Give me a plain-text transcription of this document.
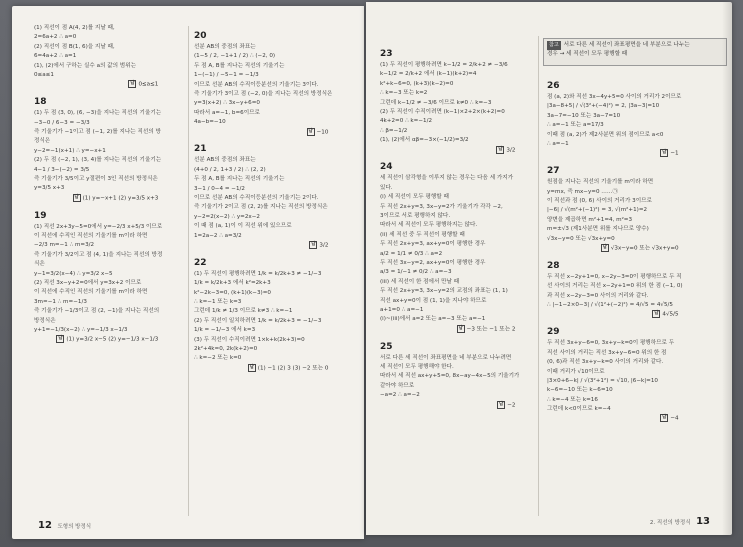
(1) 직선이 점 A(4, 2)를 지날 때,
2=6a+2 ∴ a=0
(2) 직선이 점 B(1, 6)을 지날 때,
6=4a+2 ∴ a=1
(1), (2)에서 구하는 실수 a의 값의 범위는
0≤a≤1
답 0≤a≤1
18
(1) 두 점 (3, 0), (6, −3)을 지나는 직선의 기울기는
−3−0 / 6−3 = −3/3
즉 기울기가 −1이고 점 (−1, 2)를 지나는 직선의 방
정식은
y−2=−1(x+1) ∴ y=−x+1
(2) 두 점 (−2, 1), (3, 4)를 지나는 직선의 기울기는
4−1 / 3−(−2) = 3/5
즉 기울기가 3/5이고 y절편이 3인 직선의 방정식은
y=3/5 x+3
답 (1) y=−x+1 (2) y=3/5 x+3
19
(1) 직선 2x+3y−5=0에서 y=−2/3 x+5/3 이므로
이 직선에 수직인 직선의 기울기를 m이라 하면
−2/3 m=−1 ∴ m=3/2
즉 기울기가 3/2이고 점 (4, 1)을 지나는 직선의 방정
식은
y−1=3/2(x−4) ∴ y=3/2 x−5
(2) 직선 3x−y+2=0에서 y=3x+2 이므로
이 직선에 수직인 직선의 기울기를 m이라 하면
3m=−1 ∴ m=−1/3
즉 기울기가 −1/3이고 점 (2, −1)을 지나는 직선의
방정식은
y+1=−1/3(x−2) ∴ y=−1/3 x−1/3
답 (1) y=3/2 x−5 (2) y=−1/3 x−1/3
20
선분 AB의 중점의 좌표는
(1−5 / 2, −1+1 / 2) ∴ (−2, 0)
두 점 A, B를 지나는 직선의 기울기는
1−(−1) / −5−1 = −1/3
이므로 선분 AB의 수직이등분선의 기울기는 3이다.
즉 기울기가 3이고 점 (−2, 0)을 지나는 직선의 방정식은
y=3(x+2) ∴ 3x−y+6=0
따라서 a=−1, b=6이므로
4a−b=−10
답 −10
21
선분 AB의 중점의 좌표는
(4+0 / 2, 1+3 / 2) ∴ (2, 2)
두 점 A, B를 지나는 직선의 기울기는
3−1 / 0−4 = −1/2
이므로 선분 AB의 수직이등분선의 기울기는 2이다.
즉 기울기가 2이고 점 (2, 2)를 지나는 직선의 방정식은
y−2=2(x−2) ∴ y=2x−2
이 때 점 (a, 1)이 이 직선 위에 있으므로
1=2a−2 ∴ a=3/2
답 3/2
22
(1) 두 직선이 평행하려면 1/k = k/2k+3 ≠ −1/−3
1/k = k/2k+3 에서 k²=2k+3
k²−2k−3=0, (k+1)(k−3)=0
∴ k=−1 또는 k=3
그런데 1/k ≠ 1/3 이므로 k≠3 ∴ k=−1
(2) 두 직선이 일치하려면 1/k = k/2k+3 = −1/−3
1/k = −1/−3 에서 k=3
(3) 두 직선이 수직이려면 1×k+k(2k+3)=0
2k²+4k=0, 2k(k+2)=0
∴ k=−2 또는 k=0
답 (1) −1 (2) 3 (3) −2 또는 0
12 도형의 방정식
23
(1) 두 직선이 평행하려면 k−1/2 = 2/k+2 ≠ −3/6
k−1/2 = 2/k+2 에서 (k−1)(k+2)=4
k²+k−6=0, (k+3)(k−2)=0
∴ k=−3 또는 k=2
그런데 k−1/2 ≠ −3/6 이므로 k≠0 ∴ k=−3
(2) 두 직선이 수직이려면 (k−1)×2+2×(k+2)=0
4k+2=0 ∴ k=−1/2
∴ β=−1/2
(1), (2)에서 αβ=−3×(−1/2)=3/2
답 3/2
24
세 직선이 삼각형을 이루지 않는 경우는 다음 세 가지가
있다.
(i) 세 직선이 모두 평행할 때
두 직선 2x+y=3, 3x−y=2가 기울기가 각각 −2,
3이므로 서로 평행하지 않다.
따라서 세 직선이 모두 평행하지는 않다.
(ii) 세 직선 중 두 직선이 평행할 때
두 직선 2x+y=3, ax+y=0이 평행한 경우
a/2 = 1/1 ≠ 0/3 ∴ a=2
두 직선 3x−y=2, ax+y=0이 평행한 경우
a/3 = 1/−1 ≠ 0/2 ∴ a=−3
(iii) 세 직선이 한 점에서 만날 때
두 직선 2x+y=3, 3x−y=2의 교점의 좌표는 (1, 1)
직선 ax+y=0이 점 (1, 1)을 지나야 하므로
a+1=0 ∴ a=−1
(i)~(iii)에서 a=2 또는 a=−3 또는 a=−1
답 −3 또는 −1 또는 2
25
서로 다른 세 직선이 좌표평면을 네 부분으로 나누려면
세 직선이 모두 평행해야 한다.
따라서 세 직선 ax+y+5=0, 8x−ay−4x−5의 기울기가
같아야 하므로
−a=2 ∴ a=−2
답 −2
참고 서로 다른 세 직선이 좌표평면을 네 부분으로 나누는
경우 → 세 직선이 모두 평행할 때
26
점 (a, 2)와 직선 3x−4y+5=0 사이의 거리가 2이므로
|3a−8+5| / √(3²+(−4)²) = 2, |3a−3|=10
3a−7=−10 또는 3a−7=10
∴ a=−1 또는 a=17/3
이때 점 (a, 2)가 제2사분면 위의 점이므로 a<0
∴ a=−1
답 −1
27
원점을 지나는 직선의 기울기를 m이라 하면
y=mx, 즉 mx−y=0 ……㉠
이 직선과 점 (0, 6) 사이의 거리가 3이므로
|−6| / √(m²+(−1)²) = 3, √(m²+1)=2
양변을 제곱하면 m²+1=4, m²=3
m=±√3 (제1사분면 위를 지나므로 양수)
√3x−y=0 또는 √3x+y=0
답 √3x−y=0 또는 √3x+y=0
28
두 직선 x−2y+1=0, x−2y−3=0이 평행하므로 두 직
선 사이의 거리는 직선 x−2y+1=0 위의 한 점 (−1, 0)
과 직선 x−2y−3=0 사이의 거리와 같다.
∴ |−1−2×0−3| / √(1²+(−2)²) = 4/√5 = 4√5/5
답 4√5/5
29
두 직선 3x+y−6=0, 3x+y−k=0이 평행하므로 두
직선 사이의 거리는 직선 3x+y−6=0 위의 한 점
(0, 6)과 직선 3x+y−k=0 사이의 거리와 같다.
이때 거리가 √10이므로
|3×0+6−k| / √(3²+1²) = √10, |6−k|=10
k−6=−10 또는 k−6=10
∴ k=−4 또는 k=16
그런데 k<0이므로 k=−4
답 −4
2. 직선의 방정식 13
